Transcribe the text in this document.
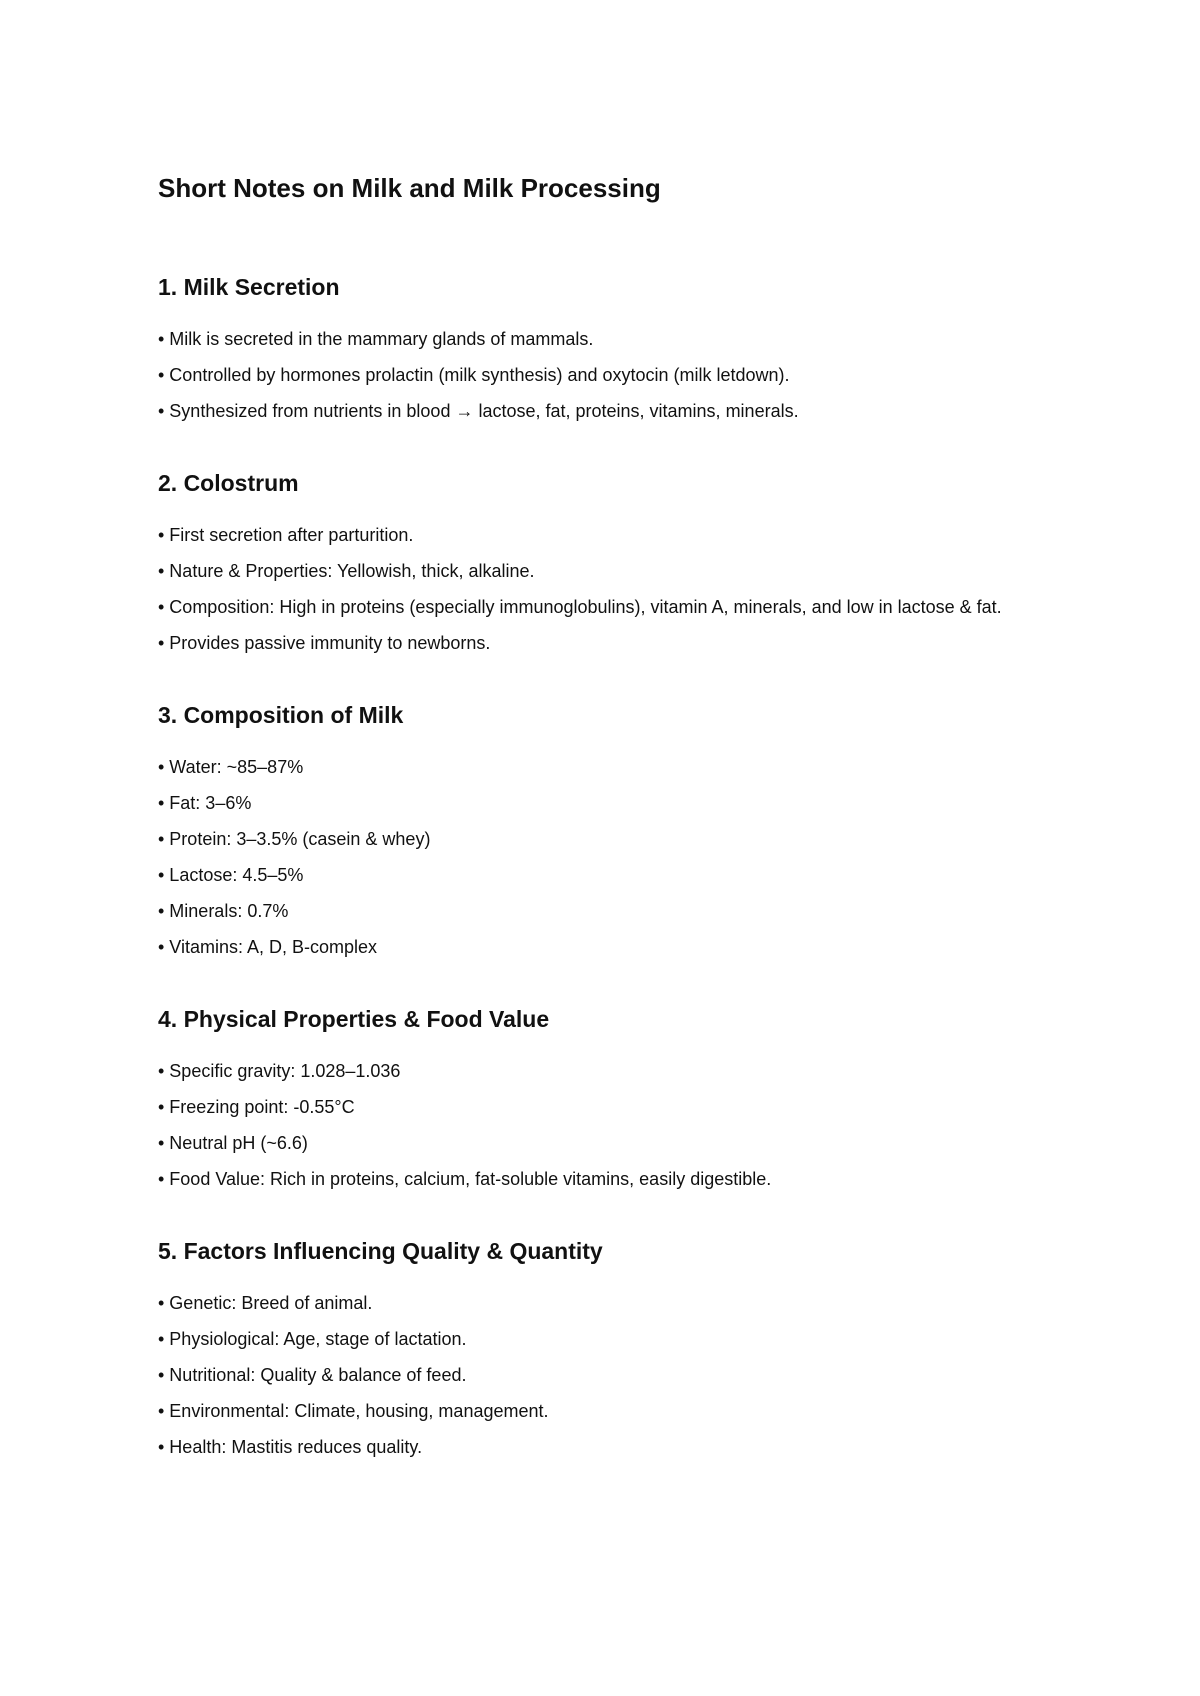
Short Notes on Milk and Milk Processing
1. Milk Secretion
• Milk is secreted in the mammary glands of mammals.
• Controlled by hormones prolactin (milk synthesis) and oxytocin (milk letdown).
• Synthesized from nutrients in blood → lactose, fat, proteins, vitamins, minerals.
2. Colostrum
• First secretion after parturition.
• Nature & Properties: Yellowish, thick, alkaline.
• Composition: High in proteins (especially immunoglobulins), vitamin A, minerals, and low in lactose & fat.
• Provides passive immunity to newborns.
3. Composition of Milk
• Water: ~85–87%
• Fat: 3–6%
• Protein: 3–3.5% (casein & whey)
• Lactose: 4.5–5%
• Minerals: 0.7%
• Vitamins: A, D, B-complex
4. Physical Properties & Food Value
• Specific gravity: 1.028–1.036
• Freezing point: -0.55°C
• Neutral pH (~6.6)
• Food Value: Rich in proteins, calcium, fat-soluble vitamins, easily digestible.
5. Factors Influencing Quality & Quantity
• Genetic: Breed of animal.
• Physiological: Age, stage of lactation.
• Nutritional: Quality & balance of feed.
• Environmental: Climate, housing, management.
• Health: Mastitis reduces quality.
